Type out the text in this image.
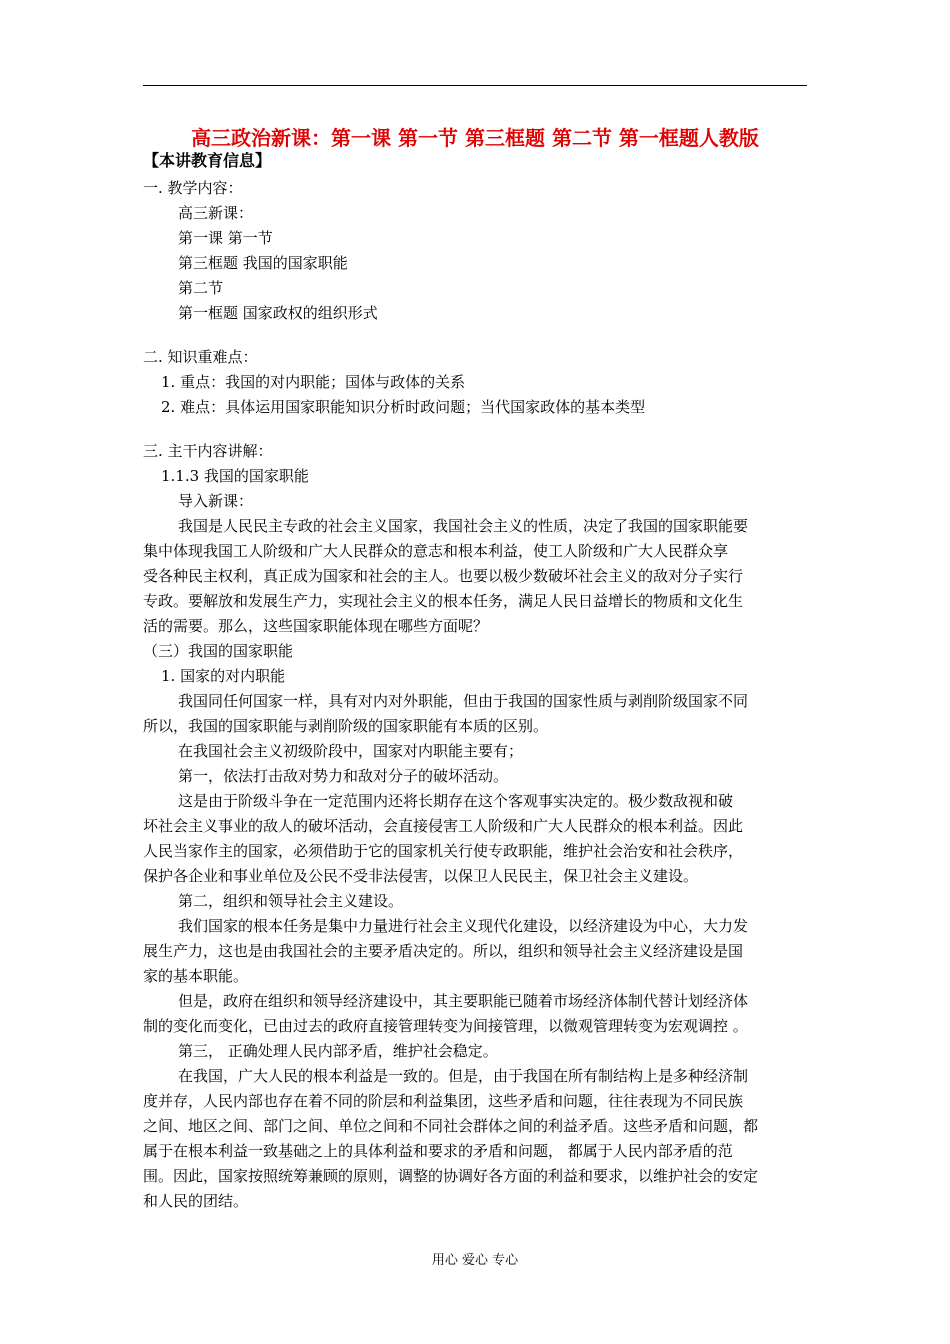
高三政治新课：第一课 第一节 第三框题 第二节 第一框题人教版
【本讲教育信息】
一. 教学内容：
高三新课：
第一课 第一节
第三框题 我国的国家职能
第二节
第一框题 国家政权的组织形式
二. 知识重难点：
1. 重点：我国的对内职能；国体与政体的关系
2. 难点：具体运用国家职能知识分析时政问题；当代国家政体的基本类型
三. 主干内容讲解：
1.1.3 我国的国家职能
导入新课：
我国是人民民主专政的社会主义国家，我国社会主义的性质，决定了我国的国家职能要
集中体现我国工人阶级和广大人民群众的意志和根本利益，使工人阶级和广大人民群众享
受各种民主权利，真正成为国家和社会的主人。也要以极少数破坏社会主义的敌对分子实行
专政。要解放和发展生产力，实现社会主义的根本任务，满足人民日益增长的物质和文化生
活的需要。那么，这些国家职能体现在哪些方面呢？
（三）我国的国家职能
1. 国家的对内职能
我国同任何国家一样，具有对内对外职能，但由于我国的国家性质与剥削阶级国家不同
所以，我国的国家职能与剥削阶级的国家职能有本质的区别。
在我国社会主义初级阶段中，国家对内职能主要有；
第一，依法打击敌对势力和敌对分子的破坏活动。
这是由于阶级斗争在一定范围内还将长期存在这个客观事实决定的。极少数敌视和破
坏社会主义事业的敌人的破坏活动，会直接侵害工人阶级和广大人民群众的根本利益。因此
人民当家作主的国家，必须借助于它的国家机关行使专政职能，维护社会治安和社会秩序，
保护各企业和事业单位及公民不受非法侵害，以保卫人民民主，保卫社会主义建设。
第二，组织和领导社会主义建设。
我们国家的根本任务是集中力量进行社会主义现代化建设，以经济建设为中心，大力发
展生产力，这也是由我国社会的主要矛盾决定的。所以，组织和领导社会主义经济建设是国
家的基本职能。
但是，政府在组织和领导经济建设中，其主要职能已随着市场经济体制代替计划经济体
制的变化而变化，已由过去的政府直接管理转变为间接管理，以微观管理转变为宏观调控 。
第三， 正确处理人民内部矛盾，维护社会稳定。
在我国，广大人民的根本利益是一致的。但是，由于我国在所有制结构上是多种经济制
度并存，人民内部也存在着不同的阶层和利益集团，这些矛盾和问题，往往表现为不同民族
之间、地区之间、部门之间、单位之间和不同社会群体之间的利益矛盾。这些矛盾和问题，都
属于在根本利益一致基础之上的具体利益和要求的矛盾和问题， 都属于人民内部矛盾的范
围。因此，国家按照统筹兼顾的原则，调整的协调好各方面的利益和要求，以维护社会的安定
和人民的团结。
用心 爱心 专心
